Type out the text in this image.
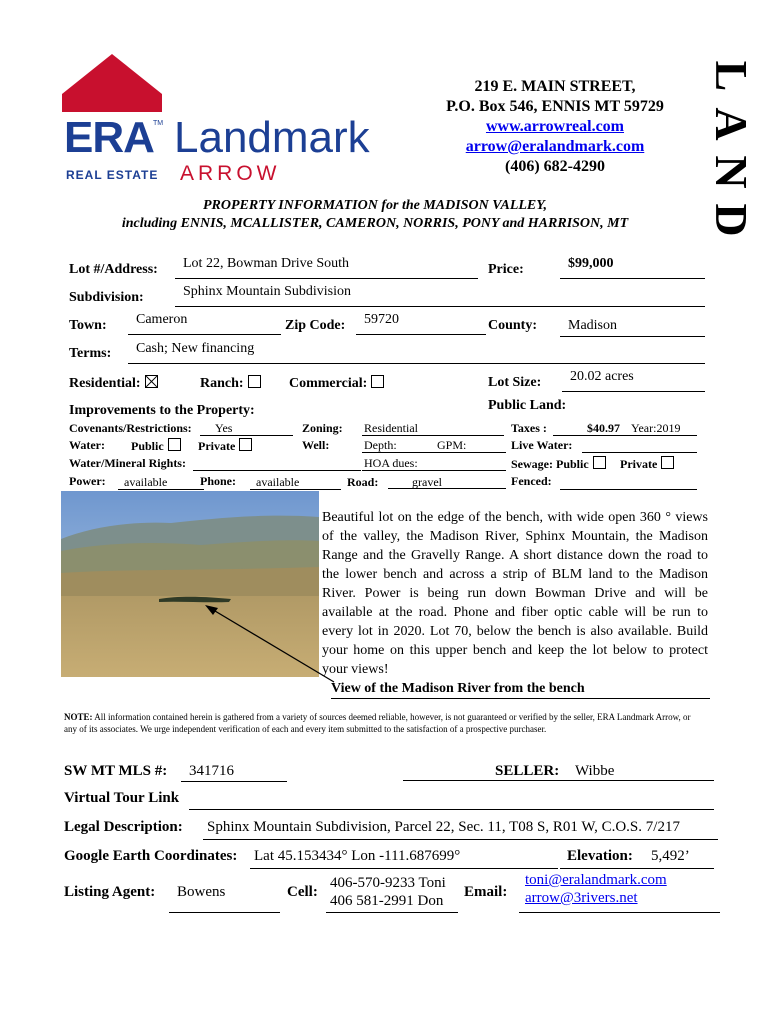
ERA TM Landmark
REAL ESTATE ARROW
219 E. MAIN STREET,
P.O. Box 546, ENNIS MT 59729
www.arrowreal.com
arrow@eralandmark.com
(406) 682-4290
L
A
N
D
PROPERTY INFORMATION for the MADISON VALLEY,
including ENNIS, MCALLISTER, CAMERON, NORRIS, PONY and HARRISON, MT
Lot #/Address:	Lot 22, Bowman Drive South	Price:	$99,000
Subdivision:	Sphinx Mountain Subdivision
Town:	Cameron	Zip Code:	59720	County:	Madison
Terms:	Cash; New financing
Residential:	Ranch:	Commercial:	Lot Size:	20.02 acres
Improvements to the Property:	Public Land:
Covenants/Restrictions:	Yes	Zoning: Residential	Taxes :	$40.97 Year:2019
Water: Public	Private	Well:	Depth:	GPM:	Live Water:
Water/Mineral Rights:	HOA dues:	Sewage: Public	Private
Power:	available	Phone:	available	Road:	gravel	Fenced:
Beautiful lot on the edge of the bench, with wide open 360 ° views of the valley, the Madison River, Sphinx Mountain, the Madison Range and the Gravelly Range. A short distance down the road to the lower bench and across a strip of BLM land to the Madison River. Power is being run down Bowman Drive and will be available at the road. Phone and fiber optic cable will be run to every lot in 2020. Lot 70, below the bench is also available. Build your home on this upper bench and keep the lot below to protect your views!
View of the Madison River from the bench
NOTE: All information contained herein is gathered from a variety of sources deemed reliable, however, is not guaranteed or verified by the seller, ERA Landmark Arrow, or any of its associates. We urge independent verification of each and every item submitted to the satisfaction of a prospective purchaser.
SW MT MLS #:	341716	SELLER: Wibbe
Virtual Tour Link
Legal Description: Sphinx Mountain Subdivision, Parcel 22, Sec. 11, T08 S, R01 W, C.O.S. 7/217
Google Earth Coordinates: Lat 45.153434° Lon -111.687699°	Elevation: 5,492’
Listing Agent:	Bowens	Cell:
406-570-9233 Toni
406 581-2991 Don
Email:
toni@eralandmark.com
arrow@3rivers.net
